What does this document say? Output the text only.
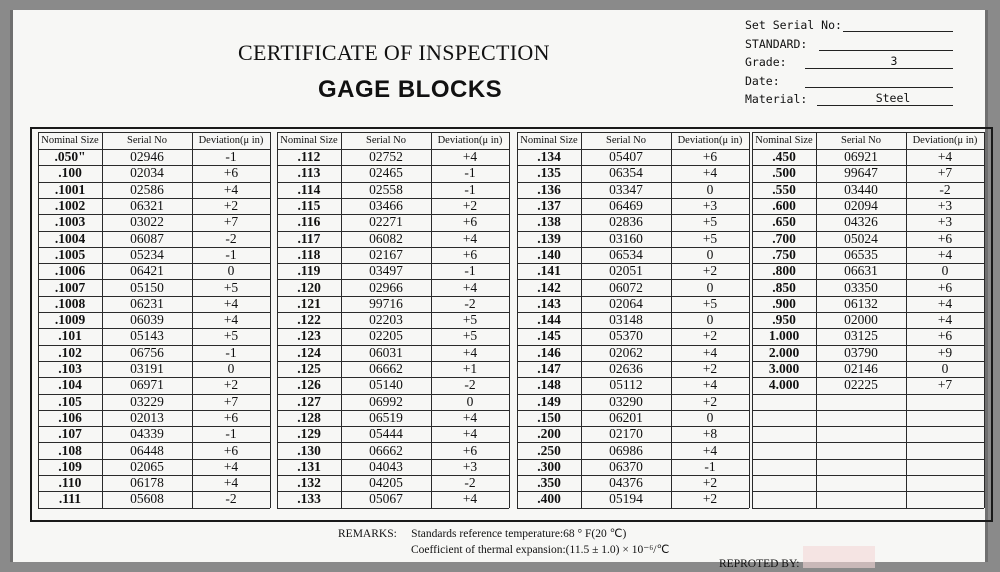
CERTIFICATE OF INSPECTION
GAGE BLOCKS
Set Serial No:
STANDARD:
Grade:	3
Date:
Material:	Steel
Nominal Size	Serial No	Deviation(μ in)
.050"	02946	-1
.100	02034	+6
.1001	02586	+4
.1002	06321	+2
.1003	03022	+7
.1004	06087	-2
.1005	05234	-1
.1006	06421	0
.1007	05150	+5
.1008	06231	+4
.1009	06039	+4
.101	05143	+5
.102	06756	-1
.103	03191	0
.104	06971	+2
.105	03229	+7
.106	02013	+6
.107	04339	-1
.108	06448	+6
.109	02065	+4
.110	06178	+4
.111	05608	-2
Nominal Size	Serial No	Deviation(μ in)
.112	02752	+4
.113	02465	-1
.114	02558	-1
.115	03466	+2
.116	02271	+6
.117	06082	+4
.118	02167	+6
.119	03497	-1
.120	02966	+4
.121	99716	-2
.122	02203	+5
.123	02205	+5
.124	06031	+4
.125	06662	+1
.126	05140	-2
.127	06992	0
.128	06519	+4
.129	05444	+4
.130	06662	+6
.131	04043	+3
.132	04205	-2
.133	05067	+4
Nominal Size	Serial No	Deviation(μ in)
.134	05407	+6
.135	06354	+4
.136	03347	0
.137	06469	+3
.138	02836	+5
.139	03160	+5
.140	06534	0
.141	02051	+2
.142	06072	0
.143	02064	+5
.144	03148	0
.145	05370	+2
.146	02062	+4
.147	02636	+2
.148	05112	+4
.149	03290	+2
.150	06201	0
.200	02170	+8
.250	06986	+4
.300	06370	-1
.350	04376	+2
.400	05194	+2
Nominal Size	Serial No	Deviation(μ in)
.450	06921	+4
.500	99647	+7
.550	03440	-2
.600	02094	+3
.650	04326	+3
.700	05024	+6
.750	06535	+4
.800	06631	0
.850	03350	+6
.900	06132	+4
.950	02000	+4
1.000	03125	+6
2.000	03790	+9
3.000	02146	0
4.000	02225	+7
REMARKS: Standards reference temperature:68 ° F(20 ℃)
Coefficient of thermal expansion:(11.5 ± 1.0) × 10⁻⁶/℃
REPROTED BY:
